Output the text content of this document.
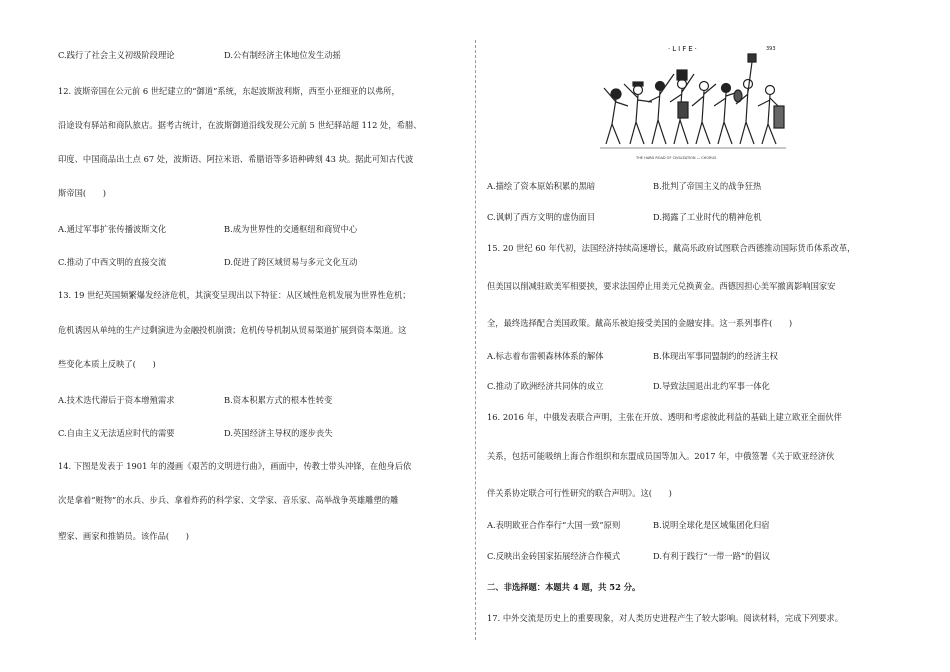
C.践行了社会主义初级阶段理论	D.公有制经济主体地位发生动摇
12. 波斯帝国在公元前 6 世纪建立的“御道”系统，东起波斯波利斯，西至小亚细亚的以弗所，
沿途设有驿站和商队旅店。据考古统计，在波斯御道沿线发现公元前 5 世纪驿站超 112 处，希腊、
印度、中国商品出土点 67 处，波斯语、阿拉米语、希腊语等多语种碑刻 43 块。据此可知古代波
斯帝国(　　)
A.通过军事扩张传播波斯文化	B.成为世界性的交通枢纽和商贸中心
C.推动了中西文明的直接交流	D.促进了跨区域贸易与多元文化互动
13. 19 世纪英国频繁爆发经济危机，其演变呈现出以下特征：从区域性危机发展为世界性危机；
危机诱因从单纯的生产过剩演进为金融投机崩溃；危机传导机制从贸易渠道扩展到资本渠道。这
些变化本质上反映了(　　)
A.技术迭代滞后于资本增殖需求	B.资本积累方式的根本性转变
C.自由主义无法适应时代的需要	D.英国经济主导权的逐步丧失
14. 下图是发表于 1901 年的漫画《艰苦的文明进行曲》，画面中，传教士带头冲锋，在他身后依
次是拿着“赃物”的水兵、步兵、拿着炸药的科学家、文学家、音乐家、高举战争英雄雕塑的雕
塑家、画家和推销员。该作品(　　)
·LIFE·	393
THE HARD ROAD OF CIVILIZATION — CHORUS
A.描绘了资本原始积累的黑暗	B.批判了帝国主义的战争狂热
C.讽刺了西方文明的虚伪面目	D.揭露了工业时代的精神危机
15. 20 世纪 60 年代初，法国经济持续高速增长，戴高乐政府试图联合西德推动国际货币体系改革，
但美国以削减驻欧美军相要挟，要求法国停止用美元兑换黄金。西德因担心美军撤离影响国家安
全，最终选择配合美国政策。戴高乐被迫接受美国的金融安排。这一系列事件(　　)
A.标志着布雷顿森林体系的解体	B.体现出军事同盟制约的经济主权
C.推动了欧洲经济共同体的成立	D.导致法国退出北约军事一体化
16. 2016 年，中俄发表联合声明，主张在开放、透明和考虑彼此利益的基础上建立欧亚全面伙伴
关系，包括可能吸纳上海合作组织和东盟成员国等加入。2017 年，中俄签署《关于欧亚经济伙
伴关系协定联合可行性研究的联合声明》。这(　　)
A.表明欧亚合作奉行“大国一致”原则	B.说明全球化是区域集团化归宿
C.反映出金砖国家拓展经济合作模式	D.有利于践行“一带一路”的倡议
二、非选择题：本题共 4 题，共 52 分。
17. 中外交流是历史上的重要现象，对人类历史进程产生了较大影响。阅读材料，完成下列要求。
